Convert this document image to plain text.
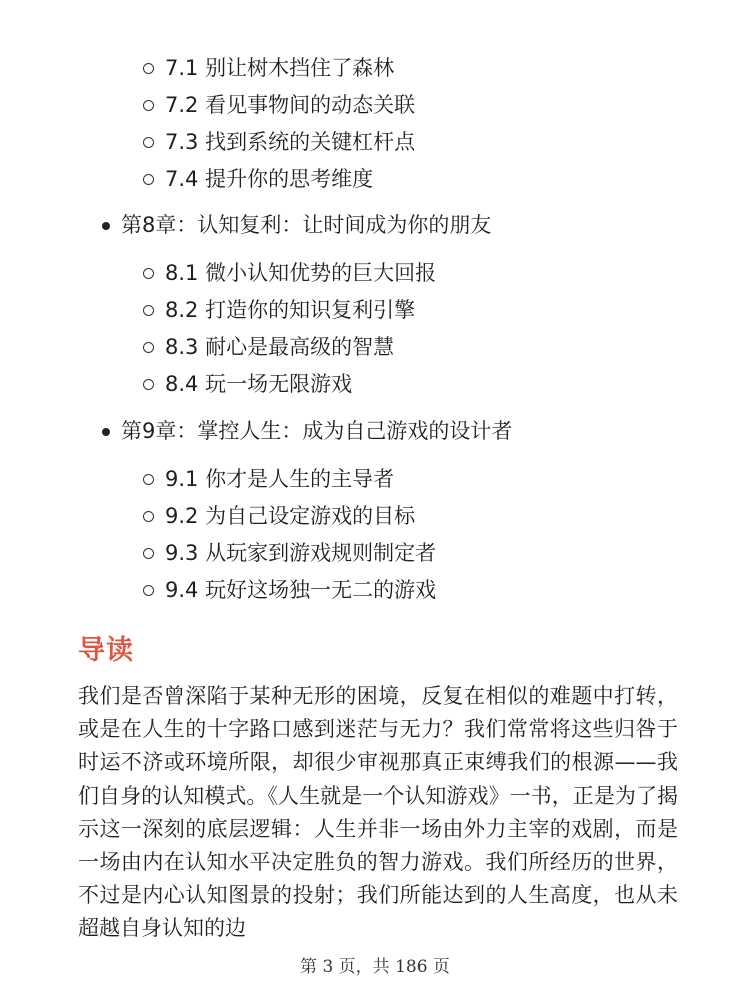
7.1 别让树木挡住了森林
7.2 看见事物间的动态关联
7.3 找到系统的关键杠杆点
7.4 提升你的思考维度
第8章：认知复利：让时间成为你的朋友
8.1 微小认知优势的巨大回报
8.2 打造你的知识复利引擎
8.3 耐心是最高级的智慧
8.4 玩一场无限游戏
第9章：掌控人生：成为自己游戏的设计者
9.1 你才是人生的主导者
9.2 为自己设定游戏的目标
9.3 从玩家到游戏规则制定者
9.4 玩好这场独一无二的游戏
导读

我们是否曾深陷于某种无形的困境，反复在相似的难题中打转，或是在人生的十字路口感到迷茫与无力？我们常常将这些归咎于时运不济或环境所限，却很少审视那真正束缚我们的根源——我们自身的认知模式。《人生就是一个认知游戏》一书，正是为了揭示这一深刻的底层逻辑：人生并非一场由外力主宰的戏剧，而是一场由内在认知水平决定胜负的智力游戏。我们所经历的世界，不过是内心认知图景的投射；我们所能达到的人生高度，也从未超越自身认知的边

第 3 页，共 186 页
